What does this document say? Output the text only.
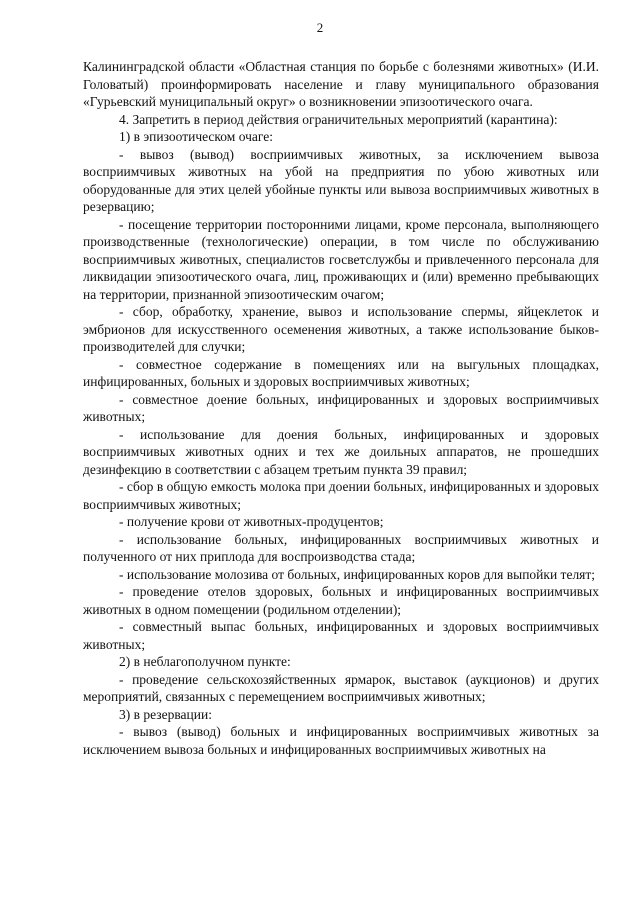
2

Калининградской области «Областная станция по борьбе с болезнями животных» (И.И. Головатый) проинформировать население и главу муниципального образования «Гурьевский муниципальный округ» о возникновении эпизоотического очага.

4. Запретить в период действия ограничительных мероприятий (карантина):

1) в эпизоотическом очаге:

- вывоз (вывод) восприимчивых животных, за исключением вывоза восприимчивых животных на убой на предприятия по убою животных или оборудованные для этих целей убойные пункты или вывоза восприимчивых животных в резервацию;

- посещение территории посторонними лицами, кроме персонала, выполняющего производственные (технологические) операции, в том числе по обслуживанию восприимчивых животных, специалистов госветслужбы и привлеченного персонала для ликвидации эпизоотического очага, лиц, проживающих и (или) временно пребывающих на территории, признанной эпизоотическим очагом;

- сбор, обработку, хранение, вывоз и использование спермы, яйцеклеток и эмбрионов для искусственного осеменения животных, а также использование быков-производителей для случки;

- совместное содержание в помещениях или на выгульных площадках, инфицированных, больных и здоровых восприимчивых животных;

- совместное доение больных, инфицированных и здоровых восприимчивых животных;

- использование для доения больных, инфицированных и здоровых восприимчивых животных одних и тех же доильных аппаратов, не прошедших дезинфекцию в соответствии с абзацем третьим пункта 39 правил;

- сбор в общую емкость молока при доении больных, инфицированных и здоровых восприимчивых животных;

- получение крови от животных-продуцентов;

- использование больных, инфицированных восприимчивых животных и полученного от них приплода для воспроизводства стада;

- использование молозива от больных, инфицированных коров для выпойки телят;

- проведение отелов здоровых, больных и инфицированных восприимчивых животных в одном помещении (родильном отделении);

- совместный выпас больных, инфицированных и здоровых восприимчивых животных;

2) в неблагополучном пункте:

- проведение сельскохозяйственных ярмарок, выставок (аукционов) и других мероприятий, связанных с перемещением восприимчивых животных;

3) в резервации:

- вывоз (вывод) больных и инфицированных восприимчивых животных за исключением вывоза больных и инфицированных восприимчивых животных на
